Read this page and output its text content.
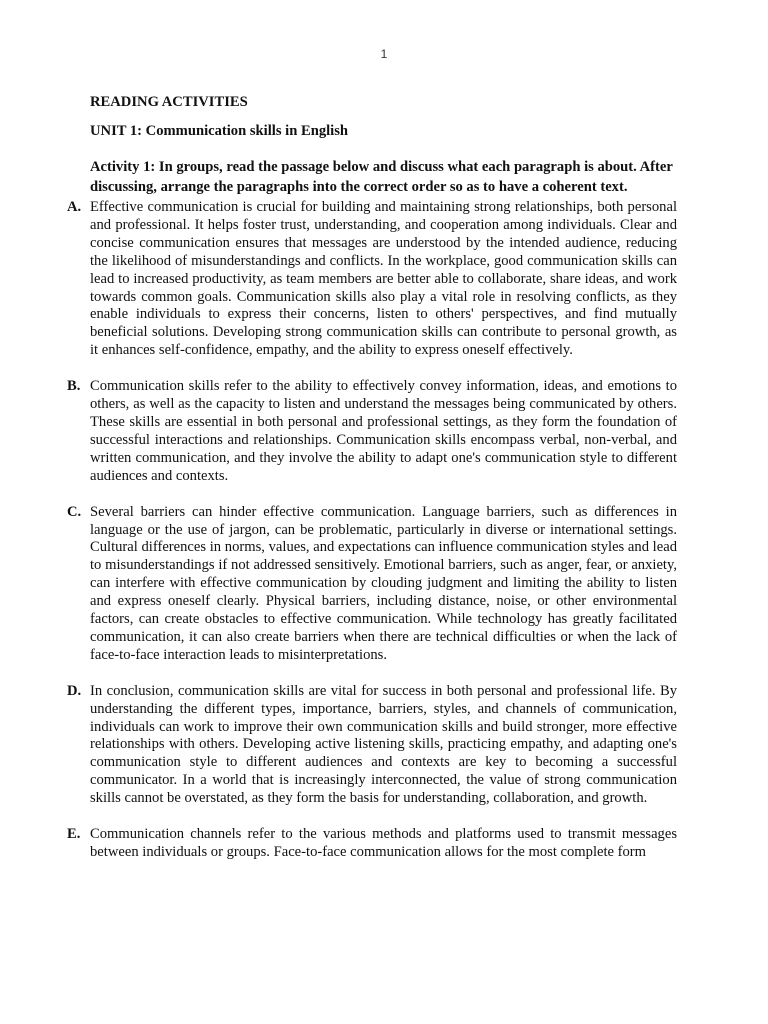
1

READING ACTIVITIES

UNIT 1: Communication skills in English

Activity 1: In groups, read the passage below and discuss what each paragraph is about. After discussing, arrange the paragraphs into the correct order so as to have a coherent text.

A. Effective communication is crucial for building and maintaining strong relationships, both personal and professional. It helps foster trust, understanding, and cooperation among individuals. Clear and concise communication ensures that messages are understood by the intended audience, reducing the likelihood of misunderstandings and conflicts. In the workplace, good communication skills can lead to increased productivity, as team members are better able to collaborate, share ideas, and work towards common goals. Communication skills also play a vital role in resolving conflicts, as they enable individuals to express their concerns, listen to others' perspectives, and find mutually beneficial solutions. Developing strong communication skills can contribute to personal growth, as it enhances self-confidence, empathy, and the ability to express oneself effectively.
B. Communication skills refer to the ability to effectively convey information, ideas, and emotions to others, as well as the capacity to listen and understand the messages being communicated by others. These skills are essential in both personal and professional settings, as they form the foundation of successful interactions and relationships. Communication skills encompass verbal, non-verbal, and written communication, and they involve the ability to adapt one's communication style to different audiences and contexts.
C. Several barriers can hinder effective communication. Language barriers, such as differences in language or the use of jargon, can be problematic, particularly in diverse or international settings. Cultural differences in norms, values, and expectations can influence communication styles and lead to misunderstandings if not addressed sensitively. Emotional barriers, such as anger, fear, or anxiety, can interfere with effective communication by clouding judgment and limiting the ability to listen and express oneself clearly. Physical barriers, including distance, noise, or other environmental factors, can create obstacles to effective communication. While technology has greatly facilitated communication, it can also create barriers when there are technical difficulties or when the lack of face-to-face interaction leads to misinterpretations.
D. In conclusion, communication skills are vital for success in both personal and professional life. By understanding the different types, importance, barriers, styles, and channels of communication, individuals can work to improve their own communication skills and build stronger, more effective relationships with others. Developing active listening skills, practicing empathy, and adapting one's communication style to different audiences and contexts are key to becoming a successful communicator. In a world that is increasingly interconnected, the value of strong communication skills cannot be overstated, as they form the basis for understanding, collaboration, and growth.
E. Communication channels refer to the various methods and platforms used to transmit messages between individuals or groups. Face-to-face communication allows for the most complete form
